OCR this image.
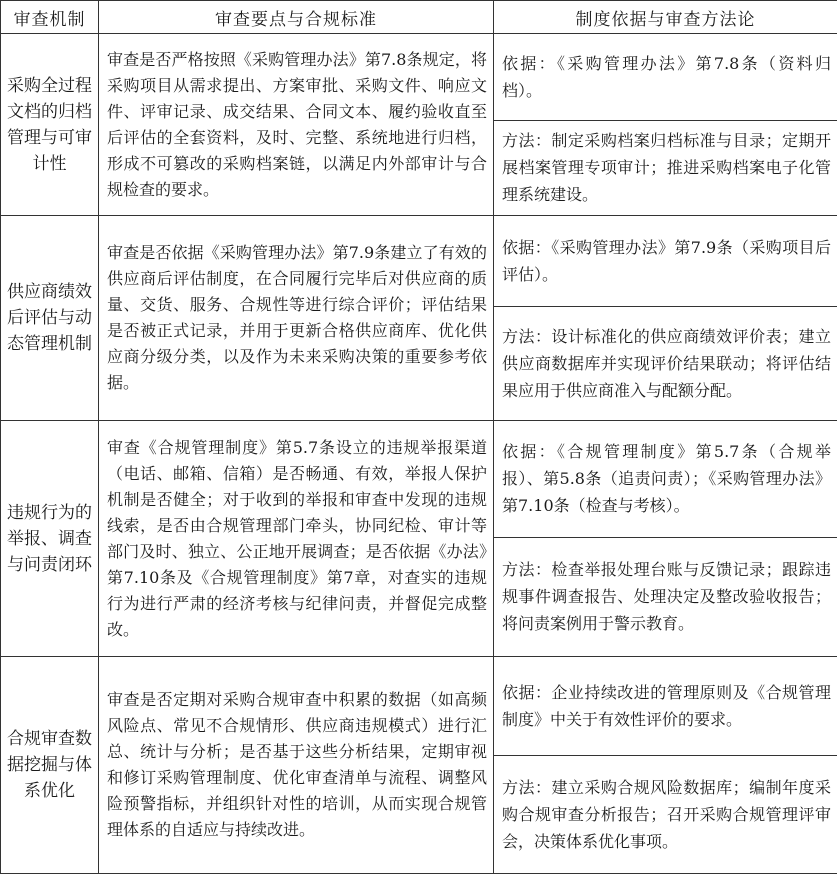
审查机制	审查要点与合规标准	制度依据与审查方法论
采购全过程文档的归档管理与可审计性	审查是否严格按照《采购管理办法》第7.8条规定，将采购项目从需求提出、方案审批、采购文件、响应文件、评审记录、成交结果、合同文本、履约验收直至后评估的全套资料，及时、完整、系统地进行归档，形成不可篡改的采购档案链，以满足内外部审计与合规检查的要求。	
依据：《采购管理办法》第7.8条（资料归档）。
方法：制定采购档案归档标准与目录；定期开展档案管理专项审计；推进采购档案电子化管理系统建设。

供应商绩效后评估与动态管理机制	审查是否依据《采购管理办法》第7.9条建立了有效的供应商后评估制度，在合同履行完毕后对供应商的质量、交货、服务、合规性等进行综合评价；评估结果是否被正式记录，并用于更新合格供应商库、优化供应商分级分类，以及作为未来采购决策的重要参考依据。	
依据：《采购管理办法》第7.9条（采购项目后评估）。
方法：设计标准化的供应商绩效评价表；建立供应商数据库并实现评价结果联动；将评估结果应用于供应商准入与配额分配。

违规行为的举报、调查与问责闭环	审查《合规管理制度》第5.7条设立的违规举报渠道（电话、邮箱、信箱）是否畅通、有效，举报人保护机制是否健全；对于收到的举报和审查中发现的违规线索，是否由合规管理部门牵头，协同纪检、审计等部门及时、独立、公正地开展调查；是否依据《办法》第7.10条及《合规管理制度》第7章，对查实的违规行为进行严肃的经济考核与纪律问责，并督促完成整改。	
依据：《合规管理制度》第5.7条（合规举报）、第5.8条（追责问责）；《采购管理办法》第7.10条（检查与考核）。
方法：检查举报处理台账与反馈记录；跟踪违规事件调查报告、处理决定及整改验收报告；将问责案例用于警示教育。

合规审查数据挖掘与体系优化	审查是否定期对采购合规审查中积累的数据（如高频风险点、常见不合规情形、供应商违规模式）进行汇总、统计与分析；是否基于这些分析结果，定期审视和修订采购管理制度、优化审查清单与流程、调整风险预警指标，并组织针对性的培训，从而实现合规管理体系的自适应与持续改进。	
依据：企业持续改进的管理原则及《合规管理制度》中关于有效性评价的要求。
方法：建立采购合规风险数据库；编制年度采购合规审查分析报告；召开采购合规管理评审会，决策体系优化事项。
